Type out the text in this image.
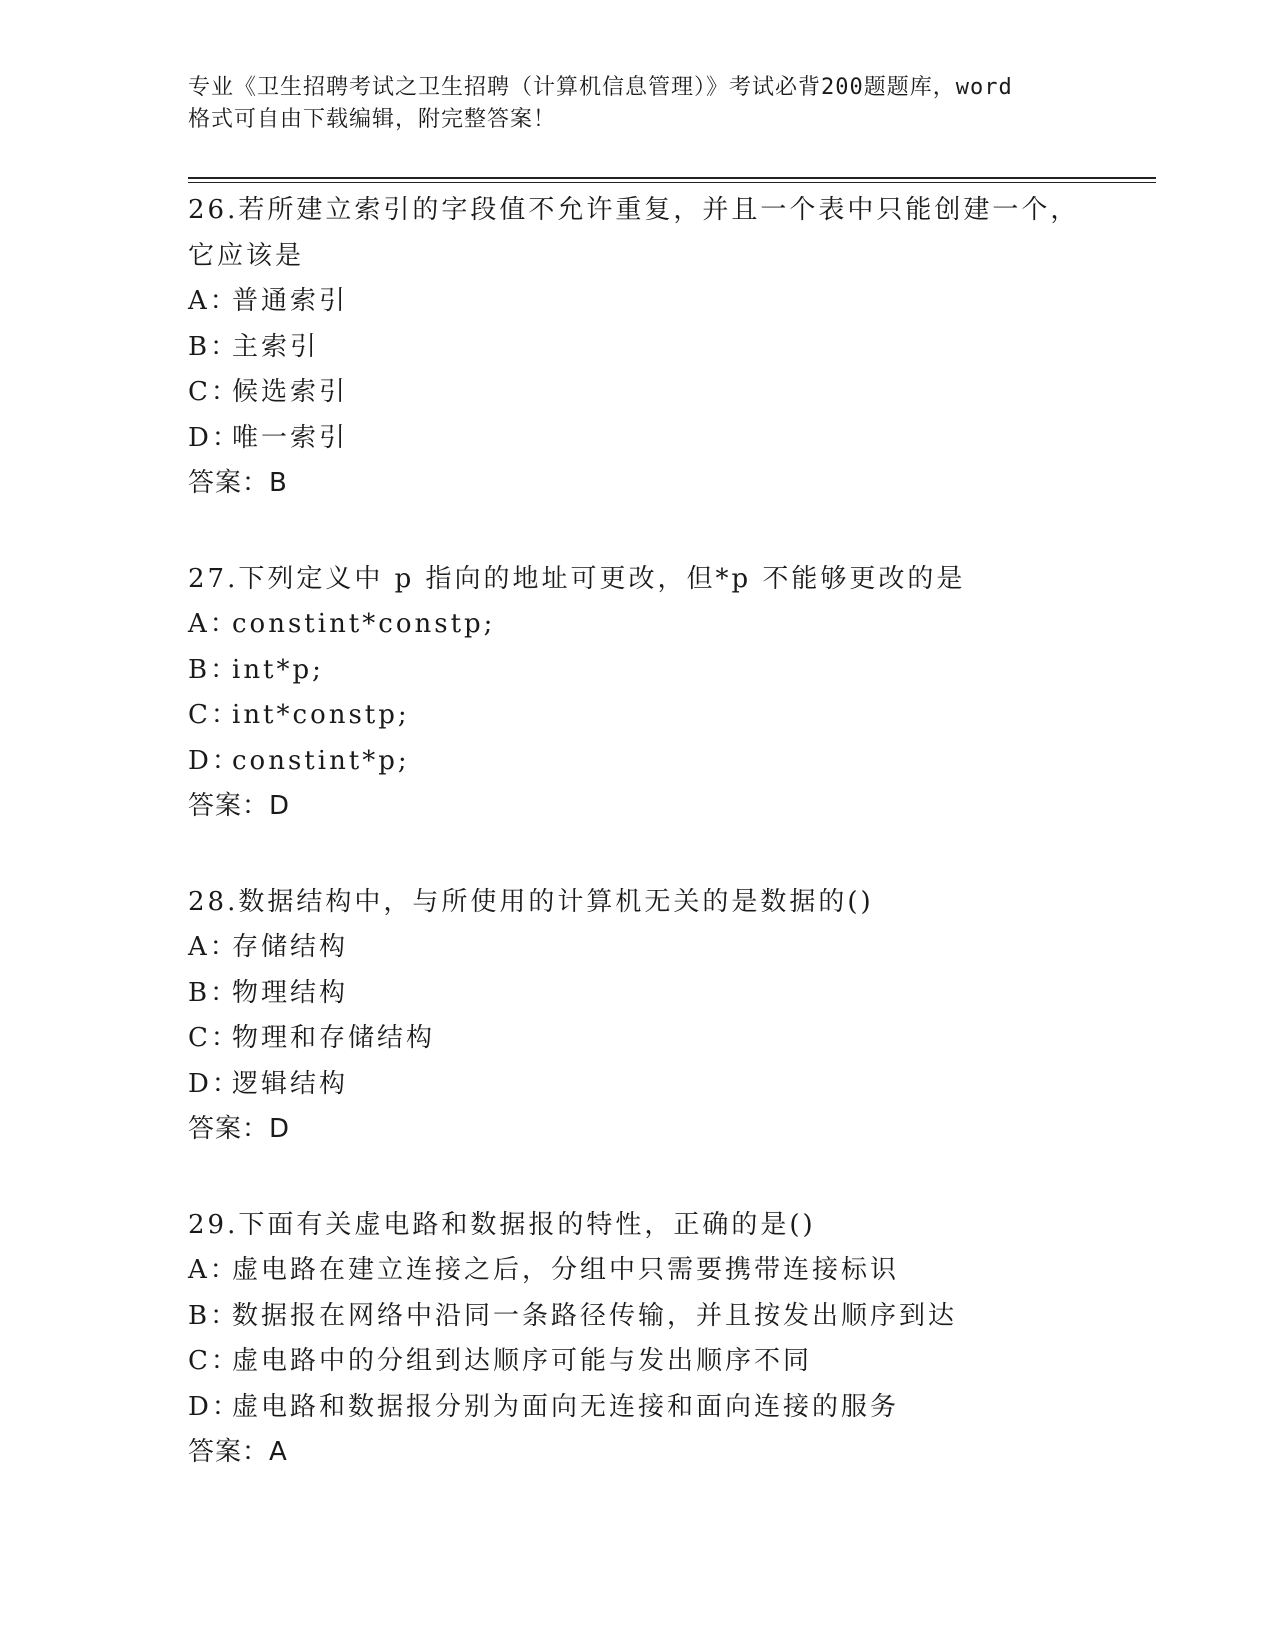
专业《卫生招聘考试之卫生招聘（计算机信息管理）》考试必背200题题库，word
格式可自由下载编辑，附完整答案！
26.若所建立索引的字段值不允许重复，并且一个表中只能创建一个，它应该是
A：普通索引
B：主索引
C：候选索引
D：唯一索引
答案：B
27.下列定义中 p 指向的地址可更改，但*p 不能够更改的是
A：constint*constp;
B：int*p;
C：int*constp;
D：constint*p;
答案：D
28.数据结构中，与所使用的计算机无关的是数据的()
A：存储结构
B：物理结构
C：物理和存储结构
D：逻辑结构
答案：D
29.下面有关虚电路和数据报的特性，正确的是()
A：虚电路在建立连接之后，分组中只需要携带连接标识
B：数据报在网络中沿同一条路径传输，并且按发出顺序到达
C：虚电路中的分组到达顺序可能与发出顺序不同
D：虚电路和数据报分别为面向无连接和面向连接的服务
答案：A
